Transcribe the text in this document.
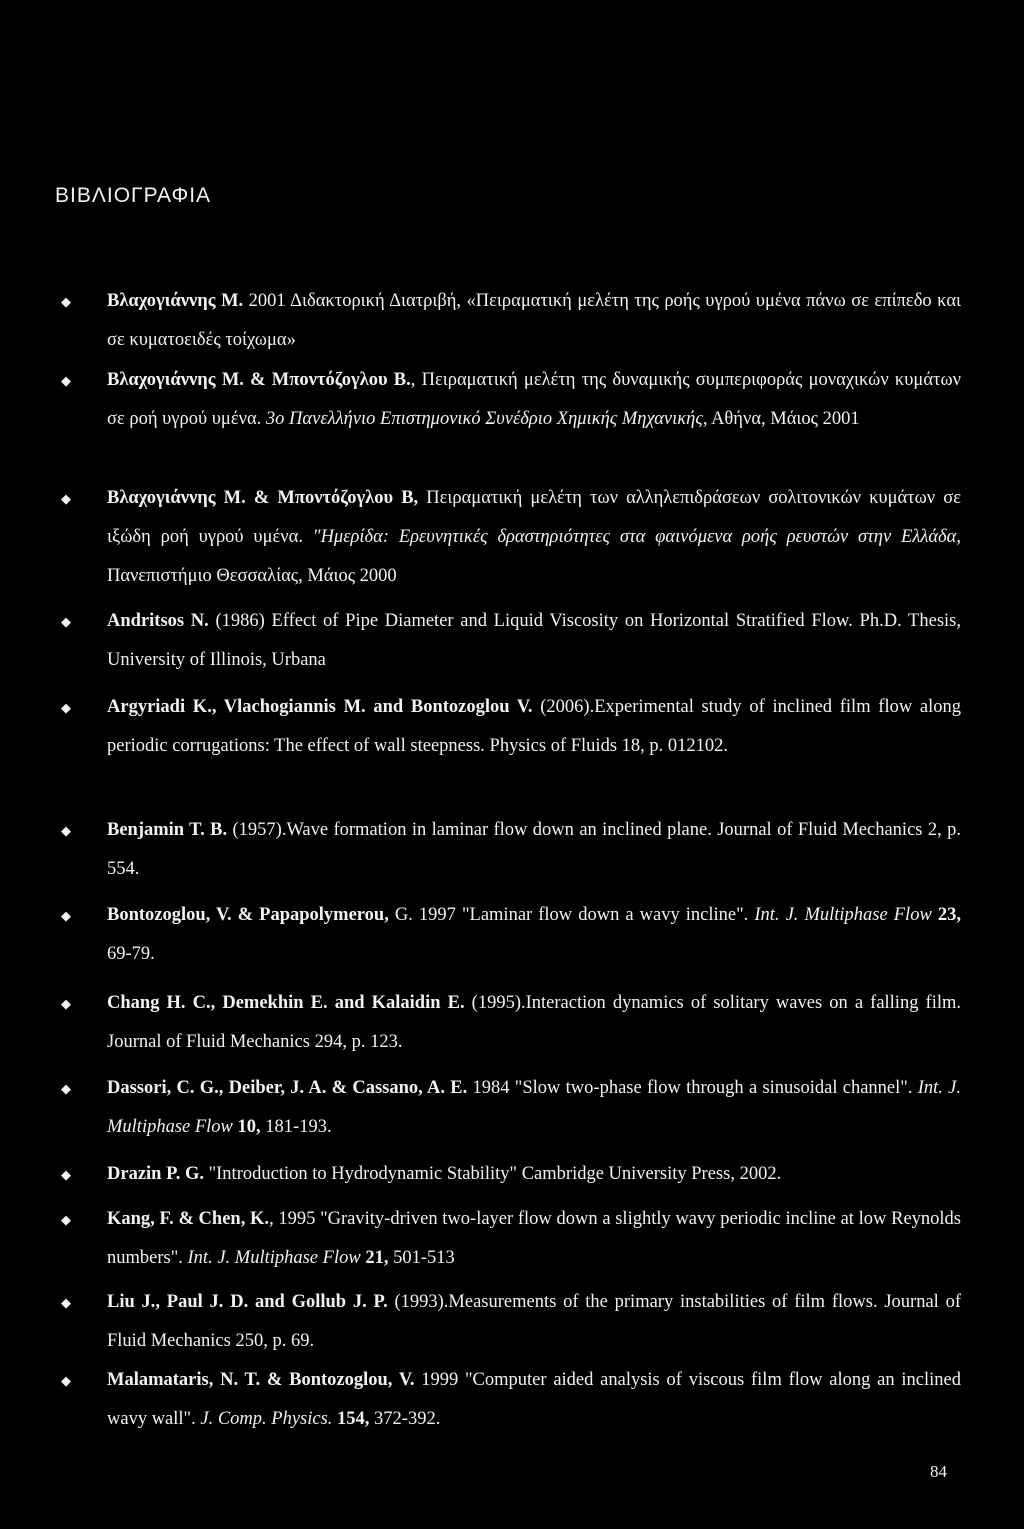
ΒΙΒΛΙΟΓΡΑΦΙΑ
◆ Βλαχογιάννης Μ. 2001 Διδακτορική Διατριβή, «Πειραματική μελέτη της ροής υγρού υμένα πάνω σε επίπεδο και σε κυματοειδές τοίχωμα»
◆ Βλαχογιάννης Μ. & Μποντόζογλου Β., Πειραματική μελέτη της δυναμικής συμπεριφοράς μοναχικών κυμάτων σε ροή υγρού υμένα. 3ο Πανελλήνιο Επιστημονικό Συνέδριο Χημικής Μηχανικής, Αθήνα, Μάιος 2001
◆ Βλαχογιάννης Μ. & Μποντόζογλου Β, Πειραματική μελέτη των αλληλεπιδράσεων σολιτονικών κυμάτων σε ιξώδη ροή υγρού υμένα. "Ημερίδα: Ερευνητικές δραστηριότητες στα φαινόμενα ροής ρευστών στην Ελλάδα, Πανεπιστήμιο Θεσσαλίας, Μάιος 2000
◆ Andritsos N. (1986) Effect of Pipe Diameter and Liquid Viscosity on Horizontal Stratified Flow. Ph.D. Thesis, University of Illinois, Urbana
◆ Argyriadi K., Vlachogiannis M. and Bontozoglou V. (2006).Experimental study of inclined film flow along periodic corrugations: The effect of wall steepness. Physics of Fluids 18, p. 012102.
◆ Benjamin T. B. (1957).Wave formation in laminar flow down an inclined plane. Journal of Fluid Mechanics 2, p. 554.
◆ Bontozoglou, V. & Papapolymerou, G. 1997 "Laminar flow down a wavy incline". Int. J. Multiphase Flow 23, 69-79.
◆ Chang H. C., Demekhin E. and Kalaidin E. (1995).Interaction dynamics of solitary waves on a falling film. Journal of Fluid Mechanics 294, p. 123.
◆ Dassori, C. G., Deiber, J. A. & Cassano, A. E. 1984 "Slow two-phase flow through a sinusoidal channel". Int. J. Multiphase Flow 10, 181-193.
◆ Drazin P. G. "Introduction to Hydrodynamic Stability" Cambridge University Press, 2002.
◆ Kang, F. & Chen, K., 1995 "Gravity-driven two-layer flow down a slightly wavy periodic incline at low Reynolds numbers". Int. J. Multiphase Flow 21, 501-513
◆ Liu J., Paul J. D. and Gollub J. P. (1993).Measurements of the primary instabilities of film flows. Journal of Fluid Mechanics 250, p. 69.
◆ Malamataris, N. T. & Bontozoglou, V. 1999 "Computer aided analysis of viscous film flow along an inclined wavy wall". J. Comp. Physics. 154, 372-392.
84
